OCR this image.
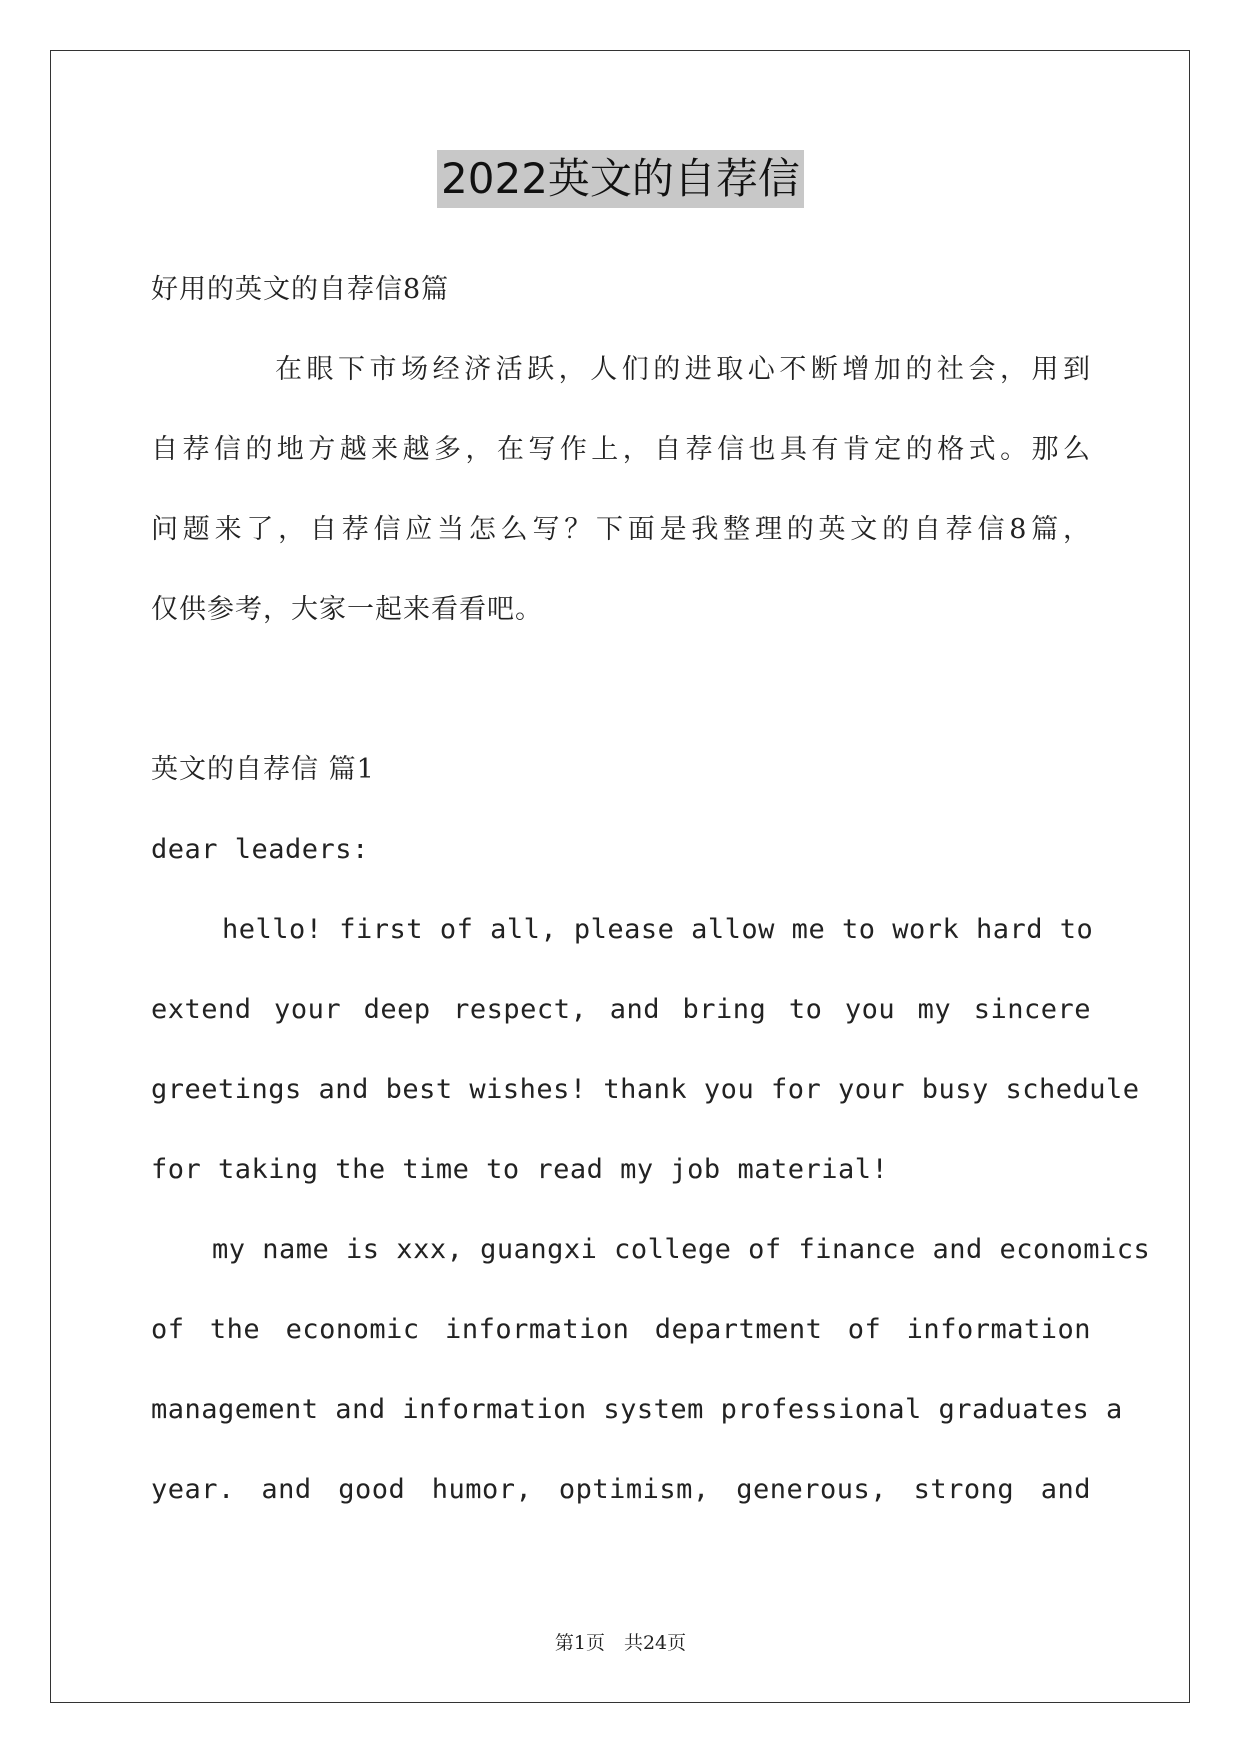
2022英文的自荐信
好用的英文的自荐信8篇
在眼下市场经济活跃，人们的进取心不断增加的社会，用到
自荐信的地方越来越多，在写作上，自荐信也具有肯定的格式。那么
问题来了，自荐信应当怎么写？下面是我整理的英文的自荐信8篇，
仅供参考，大家一起来看看吧。
英文的自荐信 篇1
dear leaders:
hello! first of all, please allow me to work hard to
extend your deep respect, and bring to you my sincere
greetings and best wishes! thank you for your busy schedule
for taking the time to read my job material!
my name is xxx, guangxi college of finance and economics
of the economic information department of information
management and information system professional graduates a
year. and good humor, optimism, generous, strong and
第1页　共24页
